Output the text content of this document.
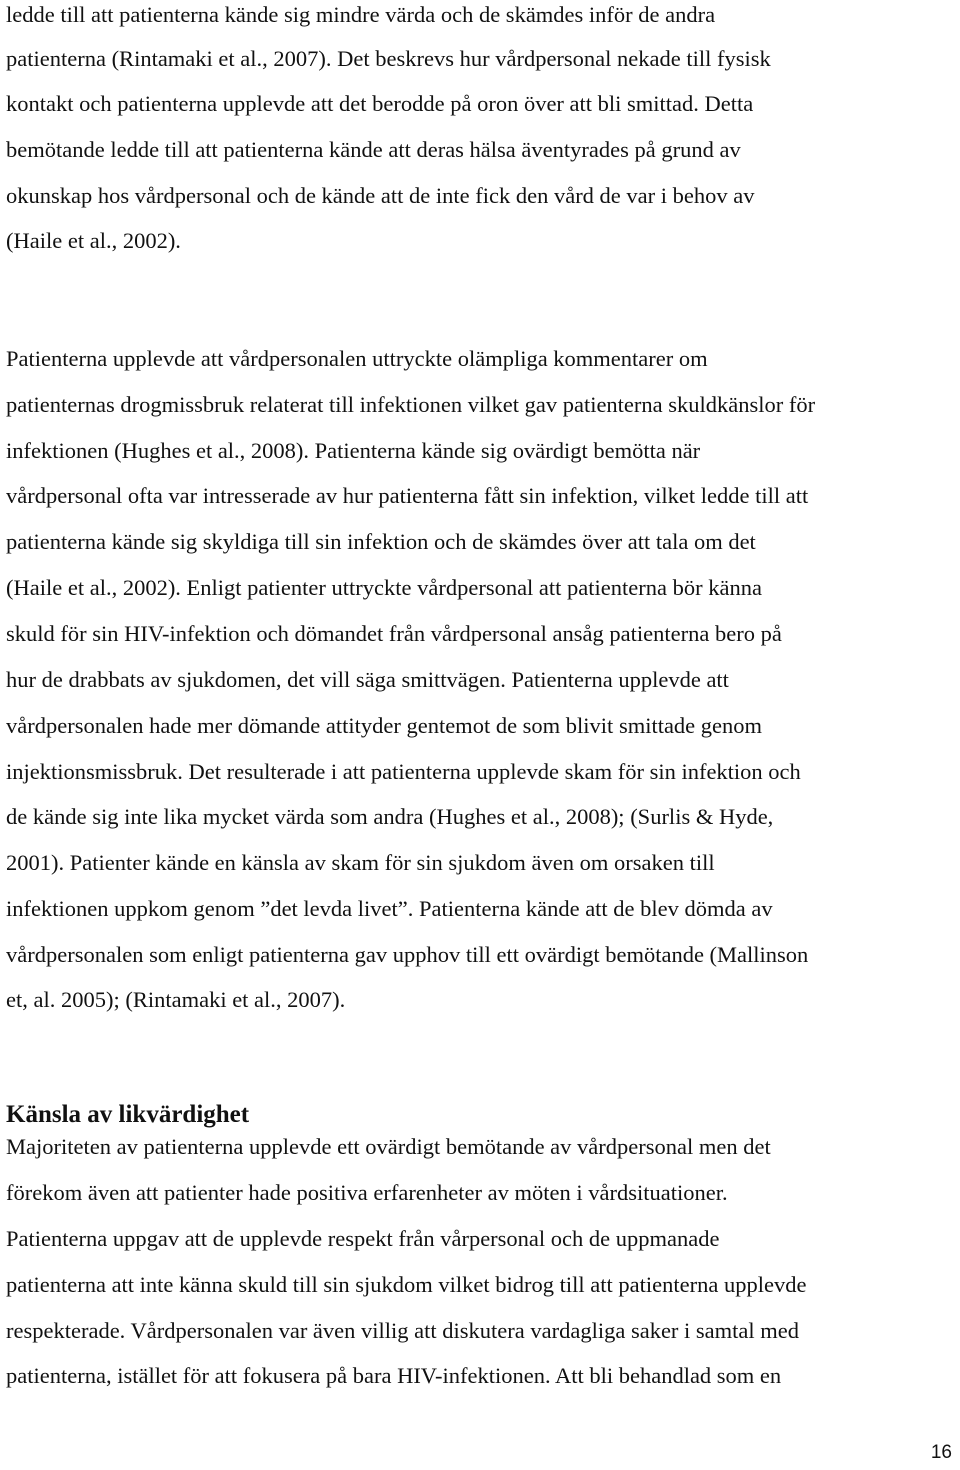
ledde till att patienterna kände sig mindre värda och de skämdes inför de andra
patienterna (Rintamaki et al., 2007). Det beskrevs hur vårdpersonal nekade till fysisk
kontakt och patienterna upplevde att det berodde på oron över att bli smittad. Detta
bemötande ledde till att patienterna kände att deras hälsa äventyrades på grund av
okunskap hos vårdpersonal och de kände att de inte fick den vård de var i behov av
(Haile et al., 2002).
Patienterna upplevde att vårdpersonalen uttryckte olämpliga kommentarer om
patienternas drogmissbruk relaterat till infektionen vilket gav patienterna skuldkänslor för
infektionen (Hughes et al., 2008). Patienterna kände sig ovärdigt bemötta när
vårdpersonal ofta var intresserade av hur patienterna fått sin infektion, vilket ledde till att
patienterna kände sig skyldiga till sin infektion och de skämdes över att tala om det
(Haile et al., 2002). Enligt patienter uttryckte vårdpersonal att patienterna bör känna
skuld för sin HIV-infektion och dömandet från vårdpersonal ansåg patienterna bero på
hur de drabbats av sjukdomen, det vill säga smittvägen. Patienterna upplevde att
vårdpersonalen hade mer dömande attityder gentemot de som blivit smittade genom
injektionsmissbruk. Det resulterade i att patienterna upplevde skam för sin infektion och
de kände sig inte lika mycket värda som andra (Hughes et al., 2008); (Surlis & Hyde,
2001). Patienter kände en känsla av skam för sin sjukdom även om orsaken till
infektionen uppkom genom ”det levda livet”. Patienterna kände att de blev dömda av
vårdpersonalen som enligt patienterna gav upphov till ett ovärdigt bemötande (Mallinson
et, al. 2005); (Rintamaki et al., 2007).
Känsla av likvärdighet
Majoriteten av patienterna upplevde ett ovärdigt bemötande av vårdpersonal men det
förekom även att patienter hade positiva erfarenheter av möten i vårdsituationer.
Patienterna uppgav att de upplevde respekt från vårpersonal och de uppmanade
patienterna att inte känna skuld till sin sjukdom vilket bidrog till att patienterna upplevde
respekterade. Vårdpersonalen var även villig att diskutera vardagliga saker i samtal med
patienterna, istället för att fokusera på bara HIV-infektionen. Att bli behandlad som en
16
